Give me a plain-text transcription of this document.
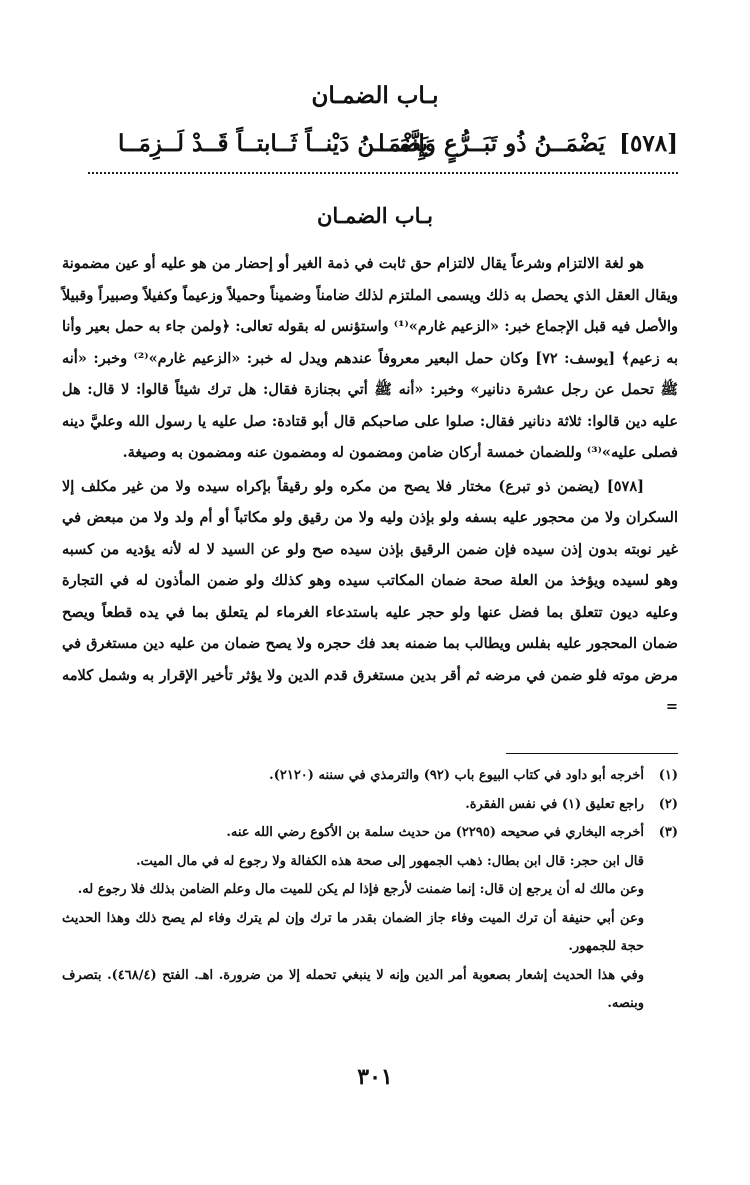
بـاب الضمـان
[٥٧٨] يَضْمَــنُ ذُو تَبَــرُّعٍ وَإِنَّمَــا
يَضْمَــنُ دَيْنــاً ثَــابتــاً قَــدْ لَــزِمَــا
بـاب الضمـان

هو لغة الالتزام وشرعاً يقال لالتزام حق ثابت في ذمة الغير أو إحضار من هو عليه أو عين مضمونة ويقال العقل الذي يحصل به ذلك ويسمى الملتزم لذلك ضامناً وضميناً وحميلاً وزعيماً وكفيلاً وصبيراً وقبيلاً والأصل فيه قبل الإجماع خبر: «الزعيم غارم»⁽¹⁾ واستؤنس له بقوله تعالى: ﴿ولمن جاء به حمل بعير وأنا به زعيم﴾ [يوسف: ٧٢] وكان حمل البعير معروفاً عندهم ويدل له خبر: «الزعيم غارم»⁽²⁾ وخبر: «أنه ﷺ تحمل عن رجل عشرة دنانير» وخبر: «أنه ﷺ أتي بجنازة فقال: هل ترك شيئاً قالوا: لا قال: هل عليه دين قالوا: ثلاثة دنانير فقال: صلوا على صاحبكم قال أبو قتادة: صل عليه يا رسول الله وعليَّ دينه فصلى عليه»⁽³⁾ وللضمان خمسة أركان ضامن ومضمون له ومضمون عنه ومضمون به وصيغة.

[٥٧٨] (يضمن ذو تبرع) مختار فلا يصح من مكره ولو رقيقاً بإكراه سيده ولا من غير مكلف إلا السكران ولا من محجور عليه بسفه ولو بإذن وليه ولا من رقيق ولو مكاتباً أو أم ولد ولا من مبعض في غير نوبته بدون إذن سيده فإن ضمن الرقيق بإذن سيده صح ولو عن السيد لا له لأنه يؤديه من كسبه وهو لسيده ويؤخذ من العلة صحة ضمان المكاتب سيده وهو كذلك ولو ضمن المأذون له في التجارة وعليه ديون تتعلق بما فضل عنها ولو حجر عليه باستدعاء الغرماء لم يتعلق بما في يده قطعاً ويصح ضمان المحجور عليه بفلس ويطالب بما ضمنه بعد فك حجره ولا يصح ضمان من عليه دين مستغرق في مرض موته فلو ضمن في مرضه ثم أقر بدين مستغرق قدم الدين ولا يؤثر تأخير الإقرار به وشمل كلامه =

(١)
أخرجه أبو داود في كتاب البيوع باب (٩٢) والترمذي في سننه (٢١٢٠).
(٢)
راجع تعليق (١) في نفس الفقرة.
(٣)
أخرجه البخاري في صحيحه (٢٢٩٥) من حديث سلمة بن الأكوع رضي الله عنه.
قال ابن حجر: قال ابن بطال: ذهب الجمهور إلى صحة هذه الكفالة ولا رجوع له في مال الميت.
وعن مالك له أن يرجع إن قال: إنما ضمنت لأرجع فإذا لم يكن للميت مال وعلم الضامن بذلك فلا رجوع له.
وعن أبي حنيفة أن ترك الميت وفاء جاز الضمان بقدر ما ترك وإن لم يترك وفاء لم يصح ذلك وهذا الحديث حجة للجمهور.
وفي هذا الحديث إشعار بصعوبة أمر الدين وإنه لا ينبغي تحمله إلا من ضرورة. اهـ. الفتح (٤٦٨/٤). بتصرف وبنصه.
٣٠١
